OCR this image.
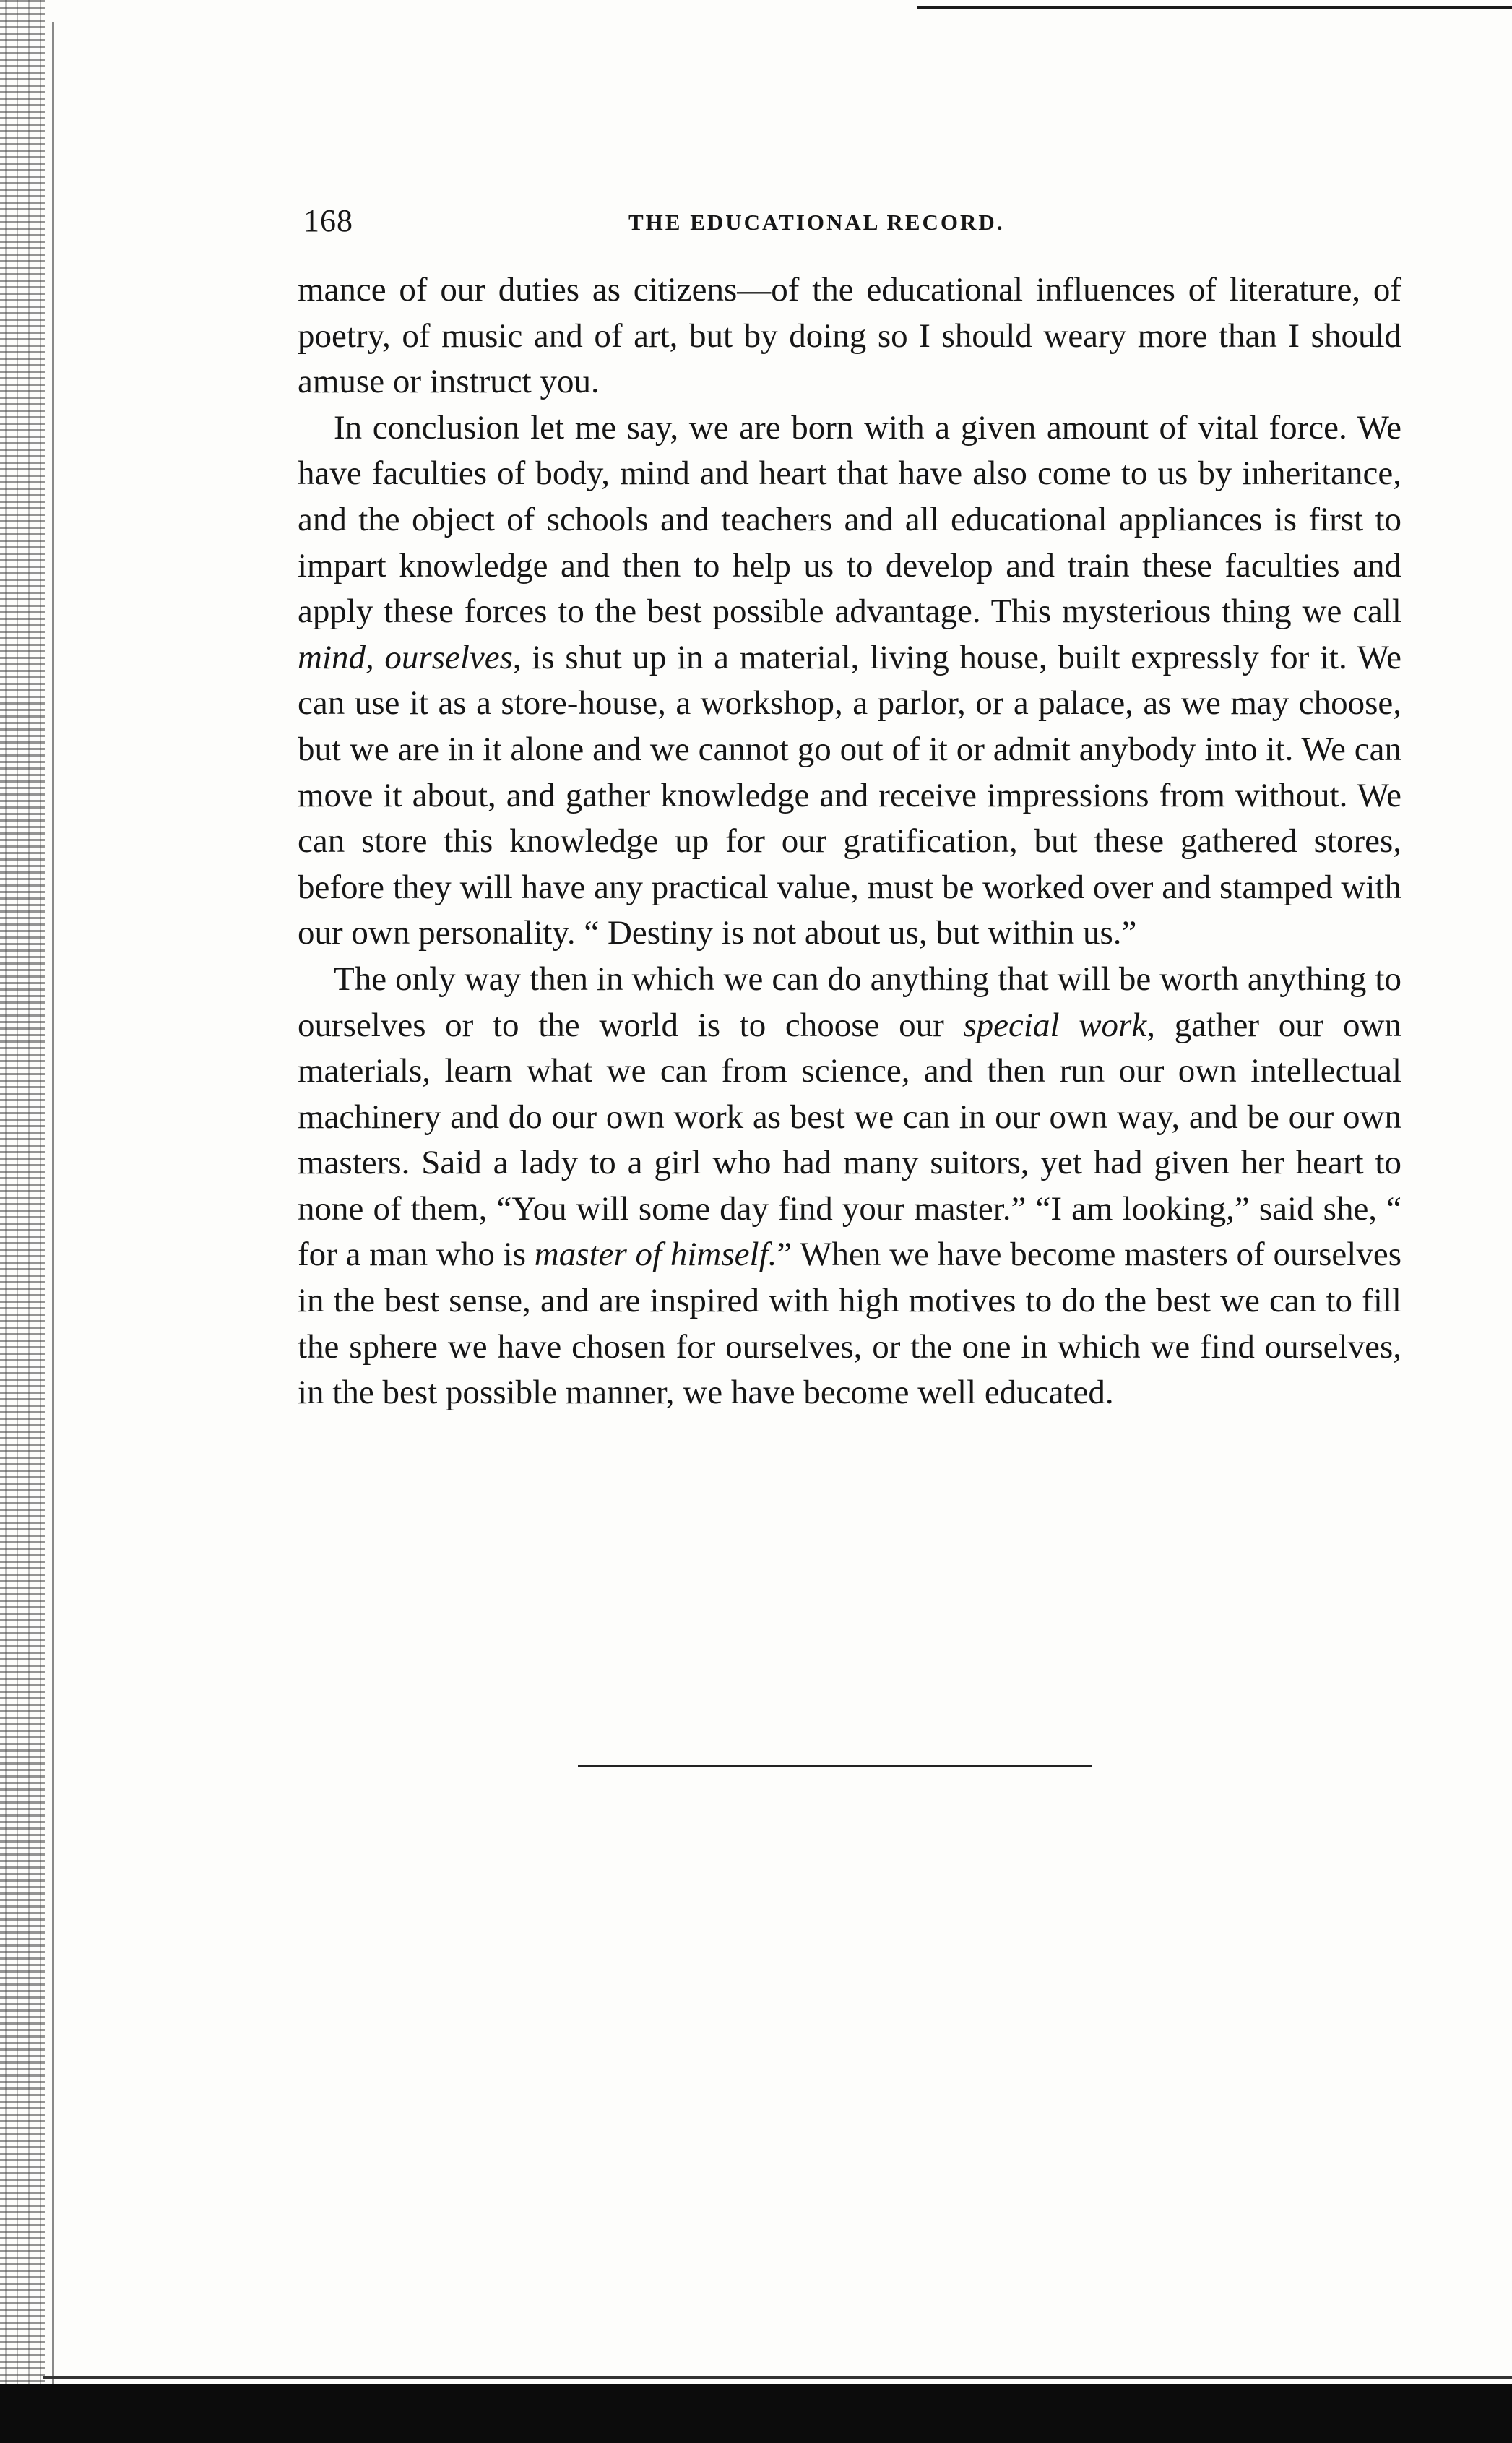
168	THE EDUCATIONAL RECORD.

mance of our duties as citizens—of the educational influences of literature, of poetry, of music and of art, but by doing so I should weary more than I should amuse or instruct you.

In conclusion let me say, we are born with a given amount of vital force. We have faculties of body, mind and heart that have also come to us by inheritance, and the object of schools and teachers and all educational appliances is first to impart knowledge and then to help us to develop and train these faculties and apply these forces to the best possible advantage. This mysterious thing we call mind, ourselves, is shut up in a material, living house, built expressly for it. We can use it as a store-house, a workshop, a parlor, or a palace, as we may choose, but we are in it alone and we cannot go out of it or admit anybody into it. We can move it about, and gather knowledge and receive impressions from without. We can store this knowledge up for our gratification, but these gathered stores, before they will have any practical value, must be worked over and stamped with our own personality. “ Destiny is not about us, but within us.”

The only way then in which we can do anything that will be worth anything to ourselves or to the world is to choose our special work, gather our own materials, learn what we can from science, and then run our own intellectual machinery and do our own work as best we can in our own way, and be our own masters. Said a lady to a girl who had many suitors, yet had given her heart to none of them, “You will some day find your master.” “I am looking,” said she, “ for a man who is master of himself.” When we have become masters of ourselves in the best sense, and are inspired with high motives to do the best we can to fill the sphere we have chosen for ourselves, or the one in which we find ourselves, in the best possible manner, we have become well educated.
